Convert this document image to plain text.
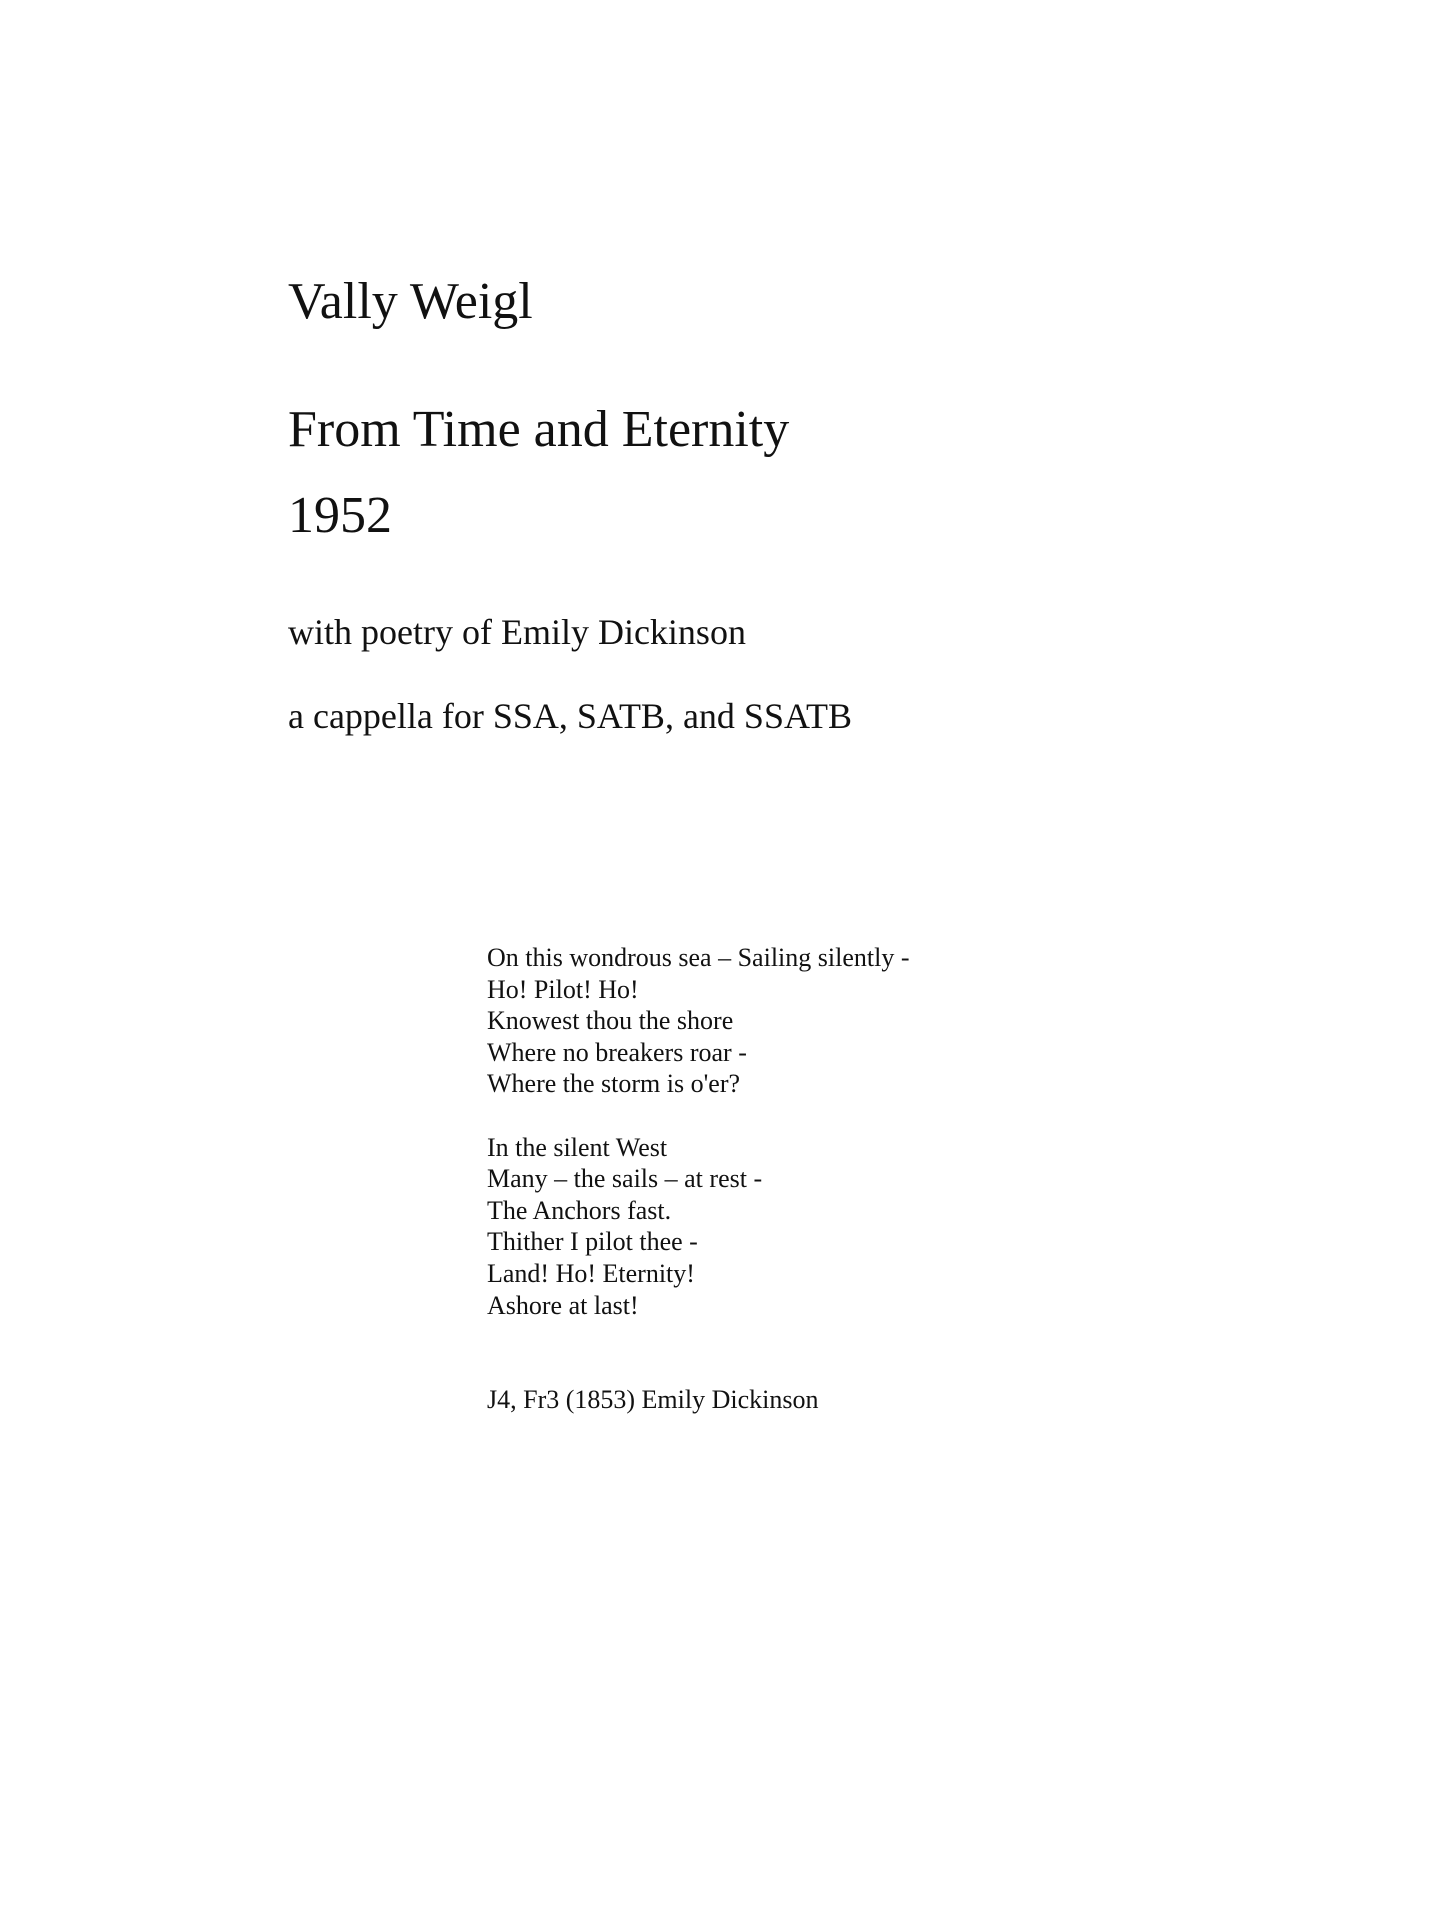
Vally Weigl
From Time and Eternity
1952

with poetry of Emily Dickinson

a cappella for SSA, SATB, and SSATB

On this wondrous sea – Sailing silently -
Ho! Pilot! Ho!
Knowest thou the shore
Where no breakers roar -
Where the storm is o'er?

In the silent West
Many – the sails – at rest -
The Anchors fast.
Thither I pilot thee -
Land! Ho! Eternity!
Ashore at last!

J4, Fr3 (1853) Emily Dickinson
